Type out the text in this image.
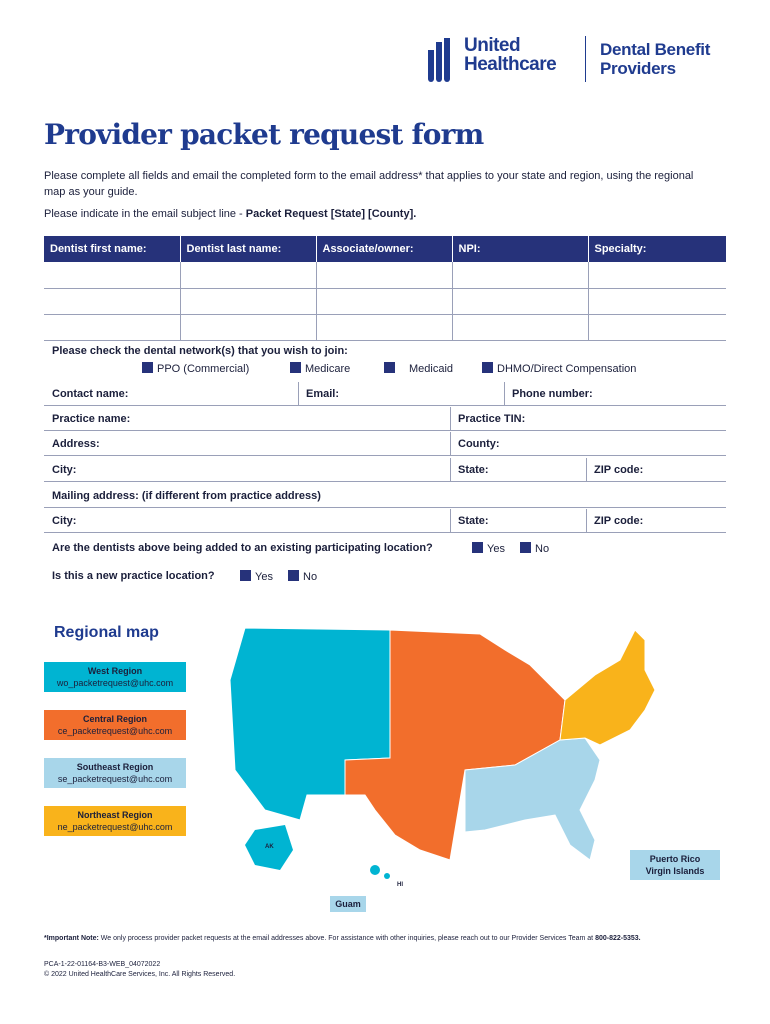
United
Healthcare
Dental Benefit
Providers
Provider packet request form

Please complete all fields and email the completed form to the email address* that applies to your state and region, using the regional map as your guide.

Please indicate in the email subject line - Packet Request [State] [County].

Dentist first name:	Dentist last name:	Associate/owner:	NPI:	Specialty:

Please check the dental network(s) that you wish to join:
PPO (Commercial)	Medicare	Medicaid	DHMO/Direct Compensation
Contact name:	Email:	Phone number:
Practice name:	Practice TIN:
Address:	County:
City:	State:	ZIP code:
Mailing address: (if different from practice address)
City:	State:	ZIP code:
Are the dentists above being added to an existing participating location?	Yes	No
Is this a new practice location?	Yes	No
Regional map
West Region
wo_packetrequest@uhc.com
Central Region
ce_packetrequest@uhc.com
Southeast Region
se_packetrequest@uhc.com
Northeast Region
ne_packetrequest@uhc.com
AK
HI
Puerto Rico
Virgin Islands
Guam

*Important Note: We only process provider packet requests at the email addresses above. For assistance with other inquiries, please reach out to our Provider Services Team at 800-822-5353.

PCA-1-22-01164-B3-WEB_04072022
© 2022 United HealthCare Services, Inc. All Rights Reserved.
